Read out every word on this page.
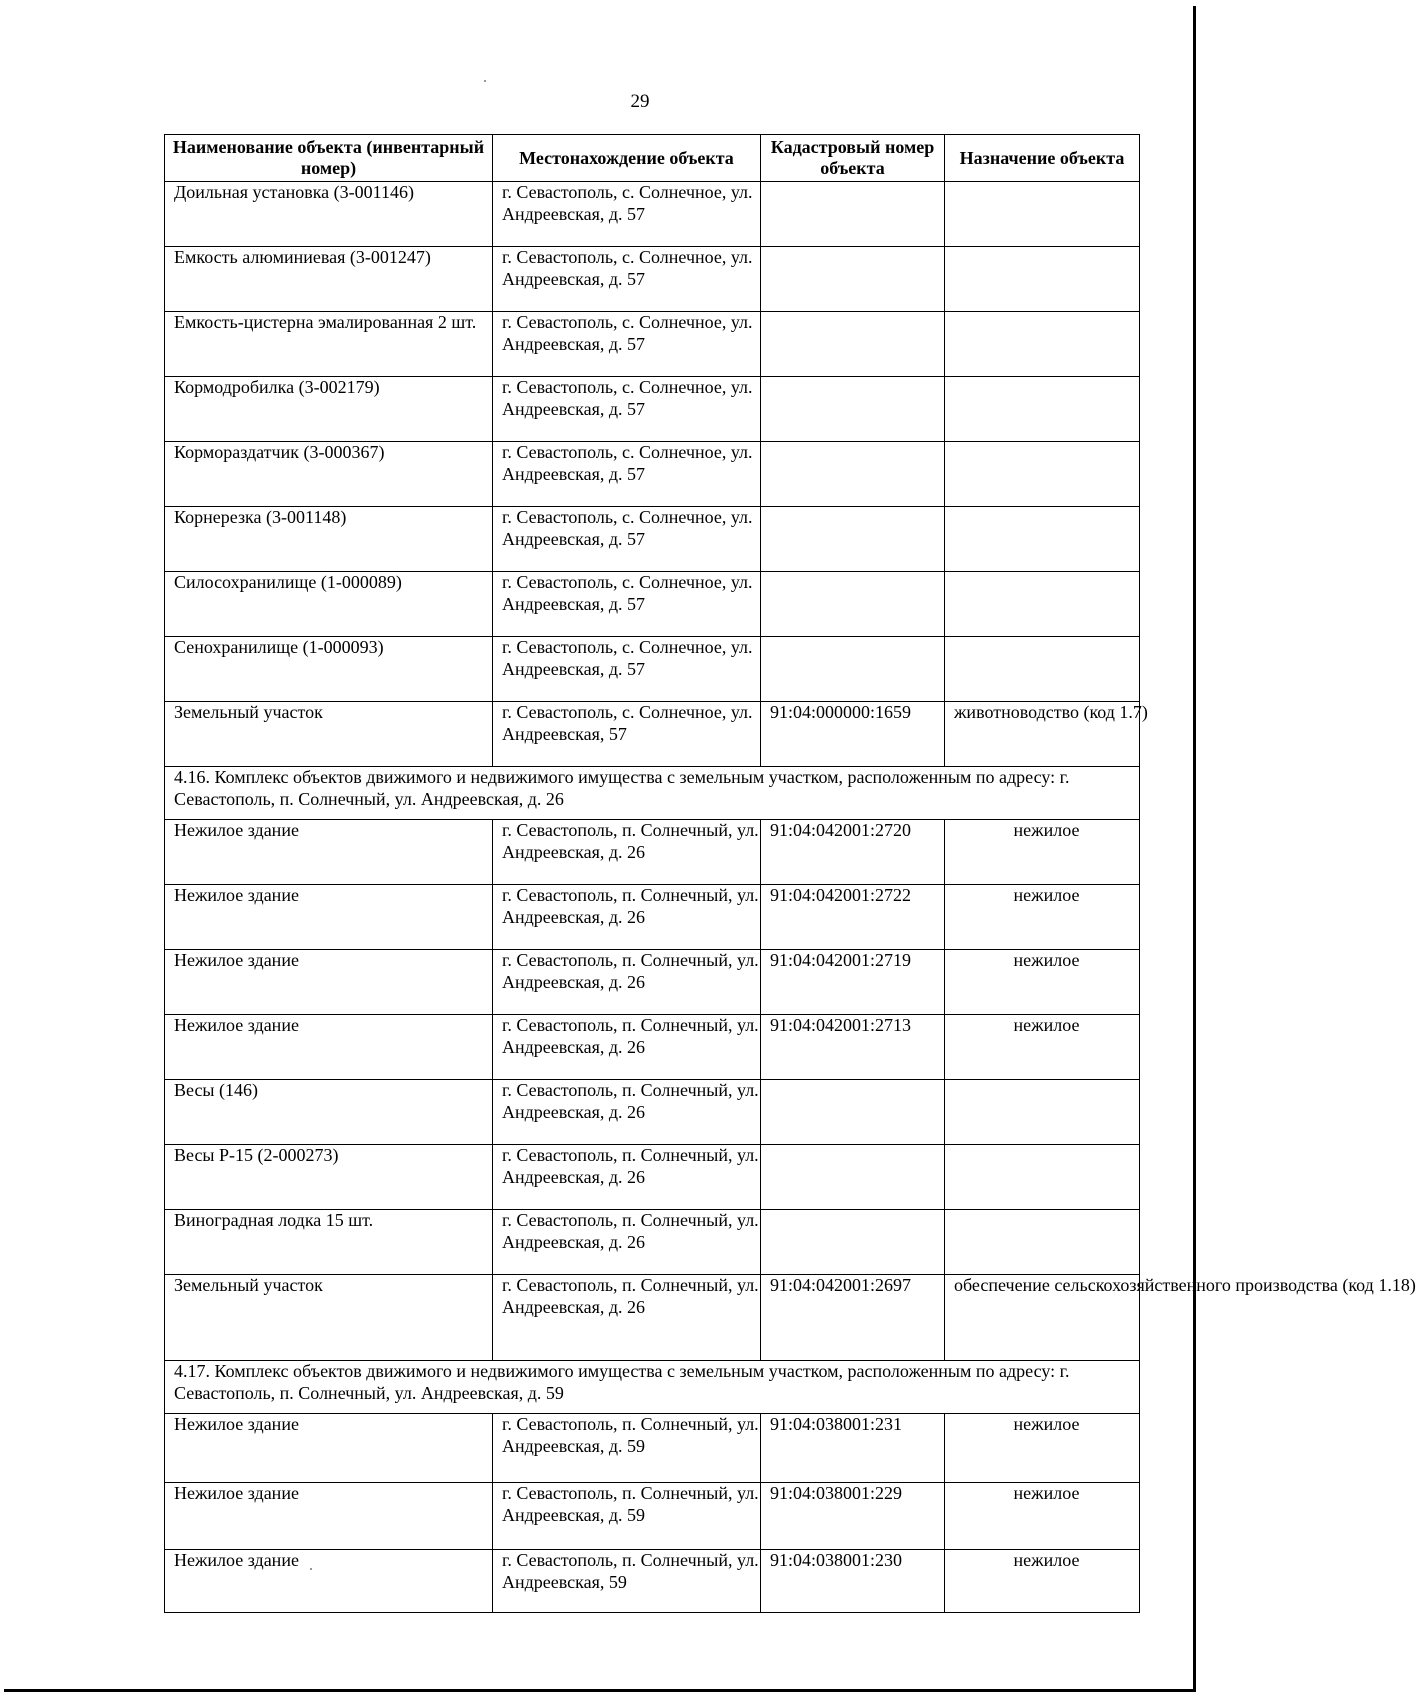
29
Наименование объекта (инвентарный номер)	Местонахождение объекта	Кадастровый номер объекта	Назначение объекта
Доильная установка (3-001146)	г. Севастополь, с. Солнечное, ул. Андреевская, д. 57		
Емкость алюминиевая (3-001247)	г. Севастополь, с. Солнечное, ул. Андреевская, д. 57		
Емкость-цистерна эмалированная 2 шт.	г. Севастополь, с. Солнечное, ул. Андреевская, д. 57		
Кормодробилка (3-002179)	г. Севастополь, с. Солнечное, ул. Андреевская, д. 57		
Кормораздатчик (3-000367)	г. Севастополь, с. Солнечное, ул. Андреевская, д. 57		
Корнерезка (3-001148)	г. Севастополь, с. Солнечное, ул. Андреевская, д. 57		
Силосохранилище (1-000089)	г. Севастополь, с. Солнечное, ул. Андреевская, д. 57		
Сенохранилище (1-000093)	г. Севастополь, с. Солнечное, ул. Андреевская, д. 57		
Земельный участок	г. Севастополь, с. Солнечное, ул. Андреевская, 57	91:04:000000:1659	животноводство (код 1.7)
4.16. Комплекс объектов движимого и недвижимого имущества с земельным участком, расположенным по адресу: г. Севастополь, п. Солнечный, ул. Андреевская, д. 26			
Нежилое здание	г. Севастополь, п. Солнечный, ул. Андреевская, д. 26	91:04:042001:2720	нежилое
Нежилое здание	г. Севастополь, п. Солнечный, ул. Андреевская, д. 26	91:04:042001:2722	нежилое
Нежилое здание	г. Севастополь, п. Солнечный, ул. Андреевская, д. 26	91:04:042001:2719	нежилое
Нежилое здание	г. Севастополь, п. Солнечный, ул. Андреевская, д. 26	91:04:042001:2713	нежилое
Весы (146)	г. Севастополь, п. Солнечный, ул. Андреевская, д. 26		
Весы Р-15 (2-000273)	г. Севастополь, п. Солнечный, ул. Андреевская, д. 26		
Виноградная лодка 15 шт.	г. Севастополь, п. Солнечный, ул. Андреевская, д. 26		
Земельный участок	г. Севастополь, п. Солнечный, ул. Андреевская, д. 26	91:04:042001:2697	обеспечение сельскохозяйственного производства (код 1.18)
4.17. Комплекс объектов движимого и недвижимого имущества с земельным участком, расположенным по адресу: г. Севастополь, п. Солнечный, ул. Андреевская, д. 59			
Нежилое здание	г. Севастополь, п. Солнечный, ул. Андреевская, д. 59	91:04:038001:231	нежилое
Нежилое здание	г. Севастополь, п. Солнечный, ул. Андреевская, д. 59	91:04:038001:229	нежилое
Нежилое здание	г. Севастополь, п. Солнечный, ул. Андреевская, 59	91:04:038001:230	нежилое
